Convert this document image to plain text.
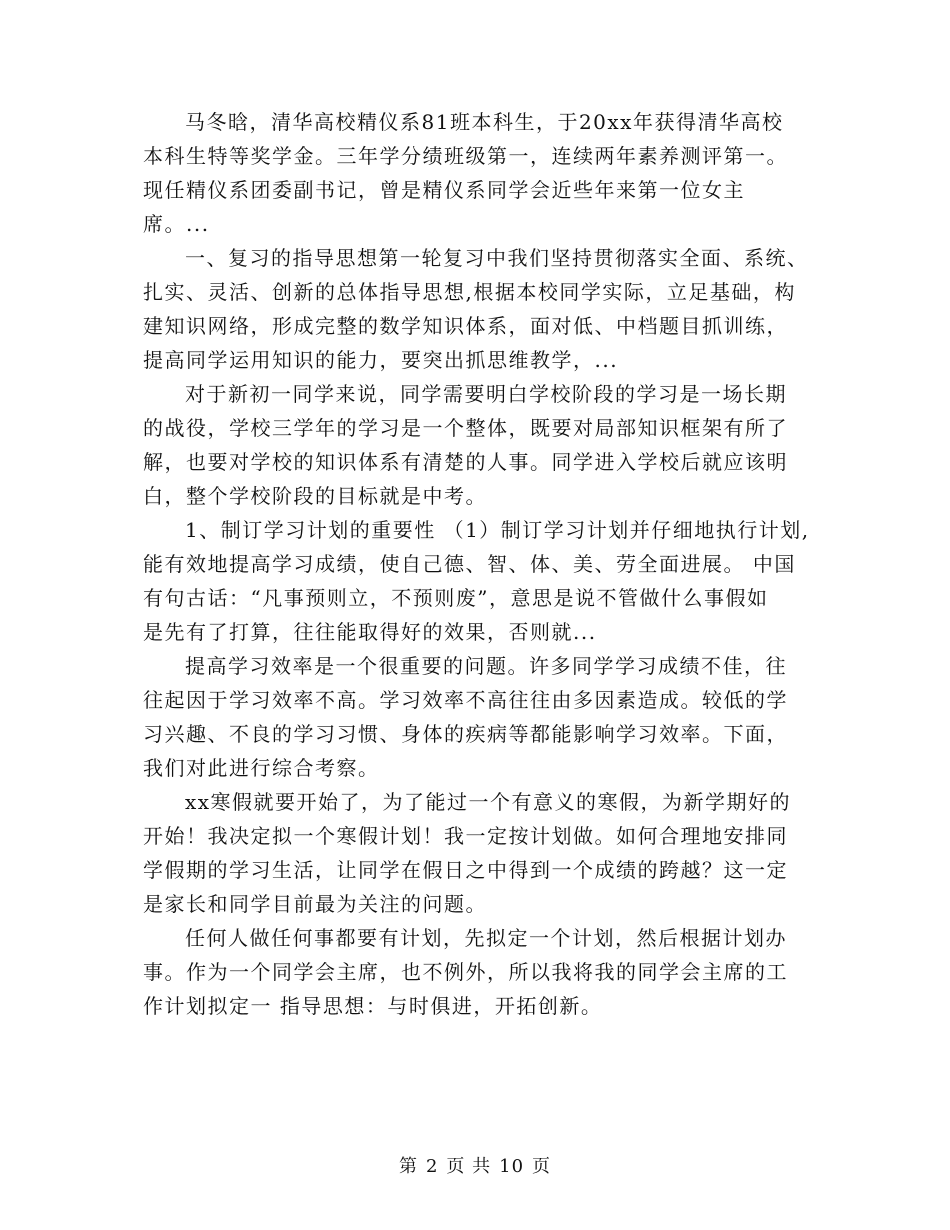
马冬晗，清华高校精仪系81班本科生，于20xx年获得清华高校
本科生特等奖学金。三年学分绩班级第一，连续两年素养测评第一。
现任精仪系团委副书记，曾是精仪系同学会近些年来第一位女主
席。...
一、复习的指导思想第一轮复习中我们坚持贯彻落实全面、系统、
扎实、灵活、创新的总体指导思想,根据本校同学实际，立足基础，构
建知识网络，形成完整的数学知识体系，面对低、中档题目抓训练，
提高同学运用知识的能力，要突出抓思维教学，...
对于新初一同学来说，同学需要明白学校阶段的学习是一场长期
的战役，学校三学年的学习是一个整体，既要对局部知识框架有所了
解，也要对学校的知识体系有清楚的人事。同学进入学校后就应该明
白，整个学校阶段的目标就是中考。
1、制订学习计划的重要性 （1）制订学习计划并仔细地执行计划,
能有效地提高学习成绩，使自己德、智、体、美、劳全面进展。 中国
有句古话：“凡事预则立，不预则废”，意思是说不管做什么事假如
是先有了打算，往往能取得好的效果，否则就...
提高学习效率是一个很重要的问题。许多同学学习成绩不佳，往
往起因于学习效率不高。学习效率不高往往由多因素造成。较低的学
习兴趣、不良的学习习惯、身体的疾病等都能影响学习效率。下面，
我们对此进行综合考察。
xx寒假就要开始了，为了能过一个有意义的寒假，为新学期好的
开始！我决定拟一个寒假计划！我一定按计划做。如何合理地安排同
学假期的学习生活，让同学在假日之中得到一个成绩的跨越？这一定
是家长和同学目前最为关注的问题。
任何人做任何事都要有计划，先拟定一个计划，然后根据计划办
事。作为一个同学会主席，也不例外，所以我将我的同学会主席的工
作计划拟定一 指导思想：与时俱进，开拓创新。
第 2 页 共 10 页
